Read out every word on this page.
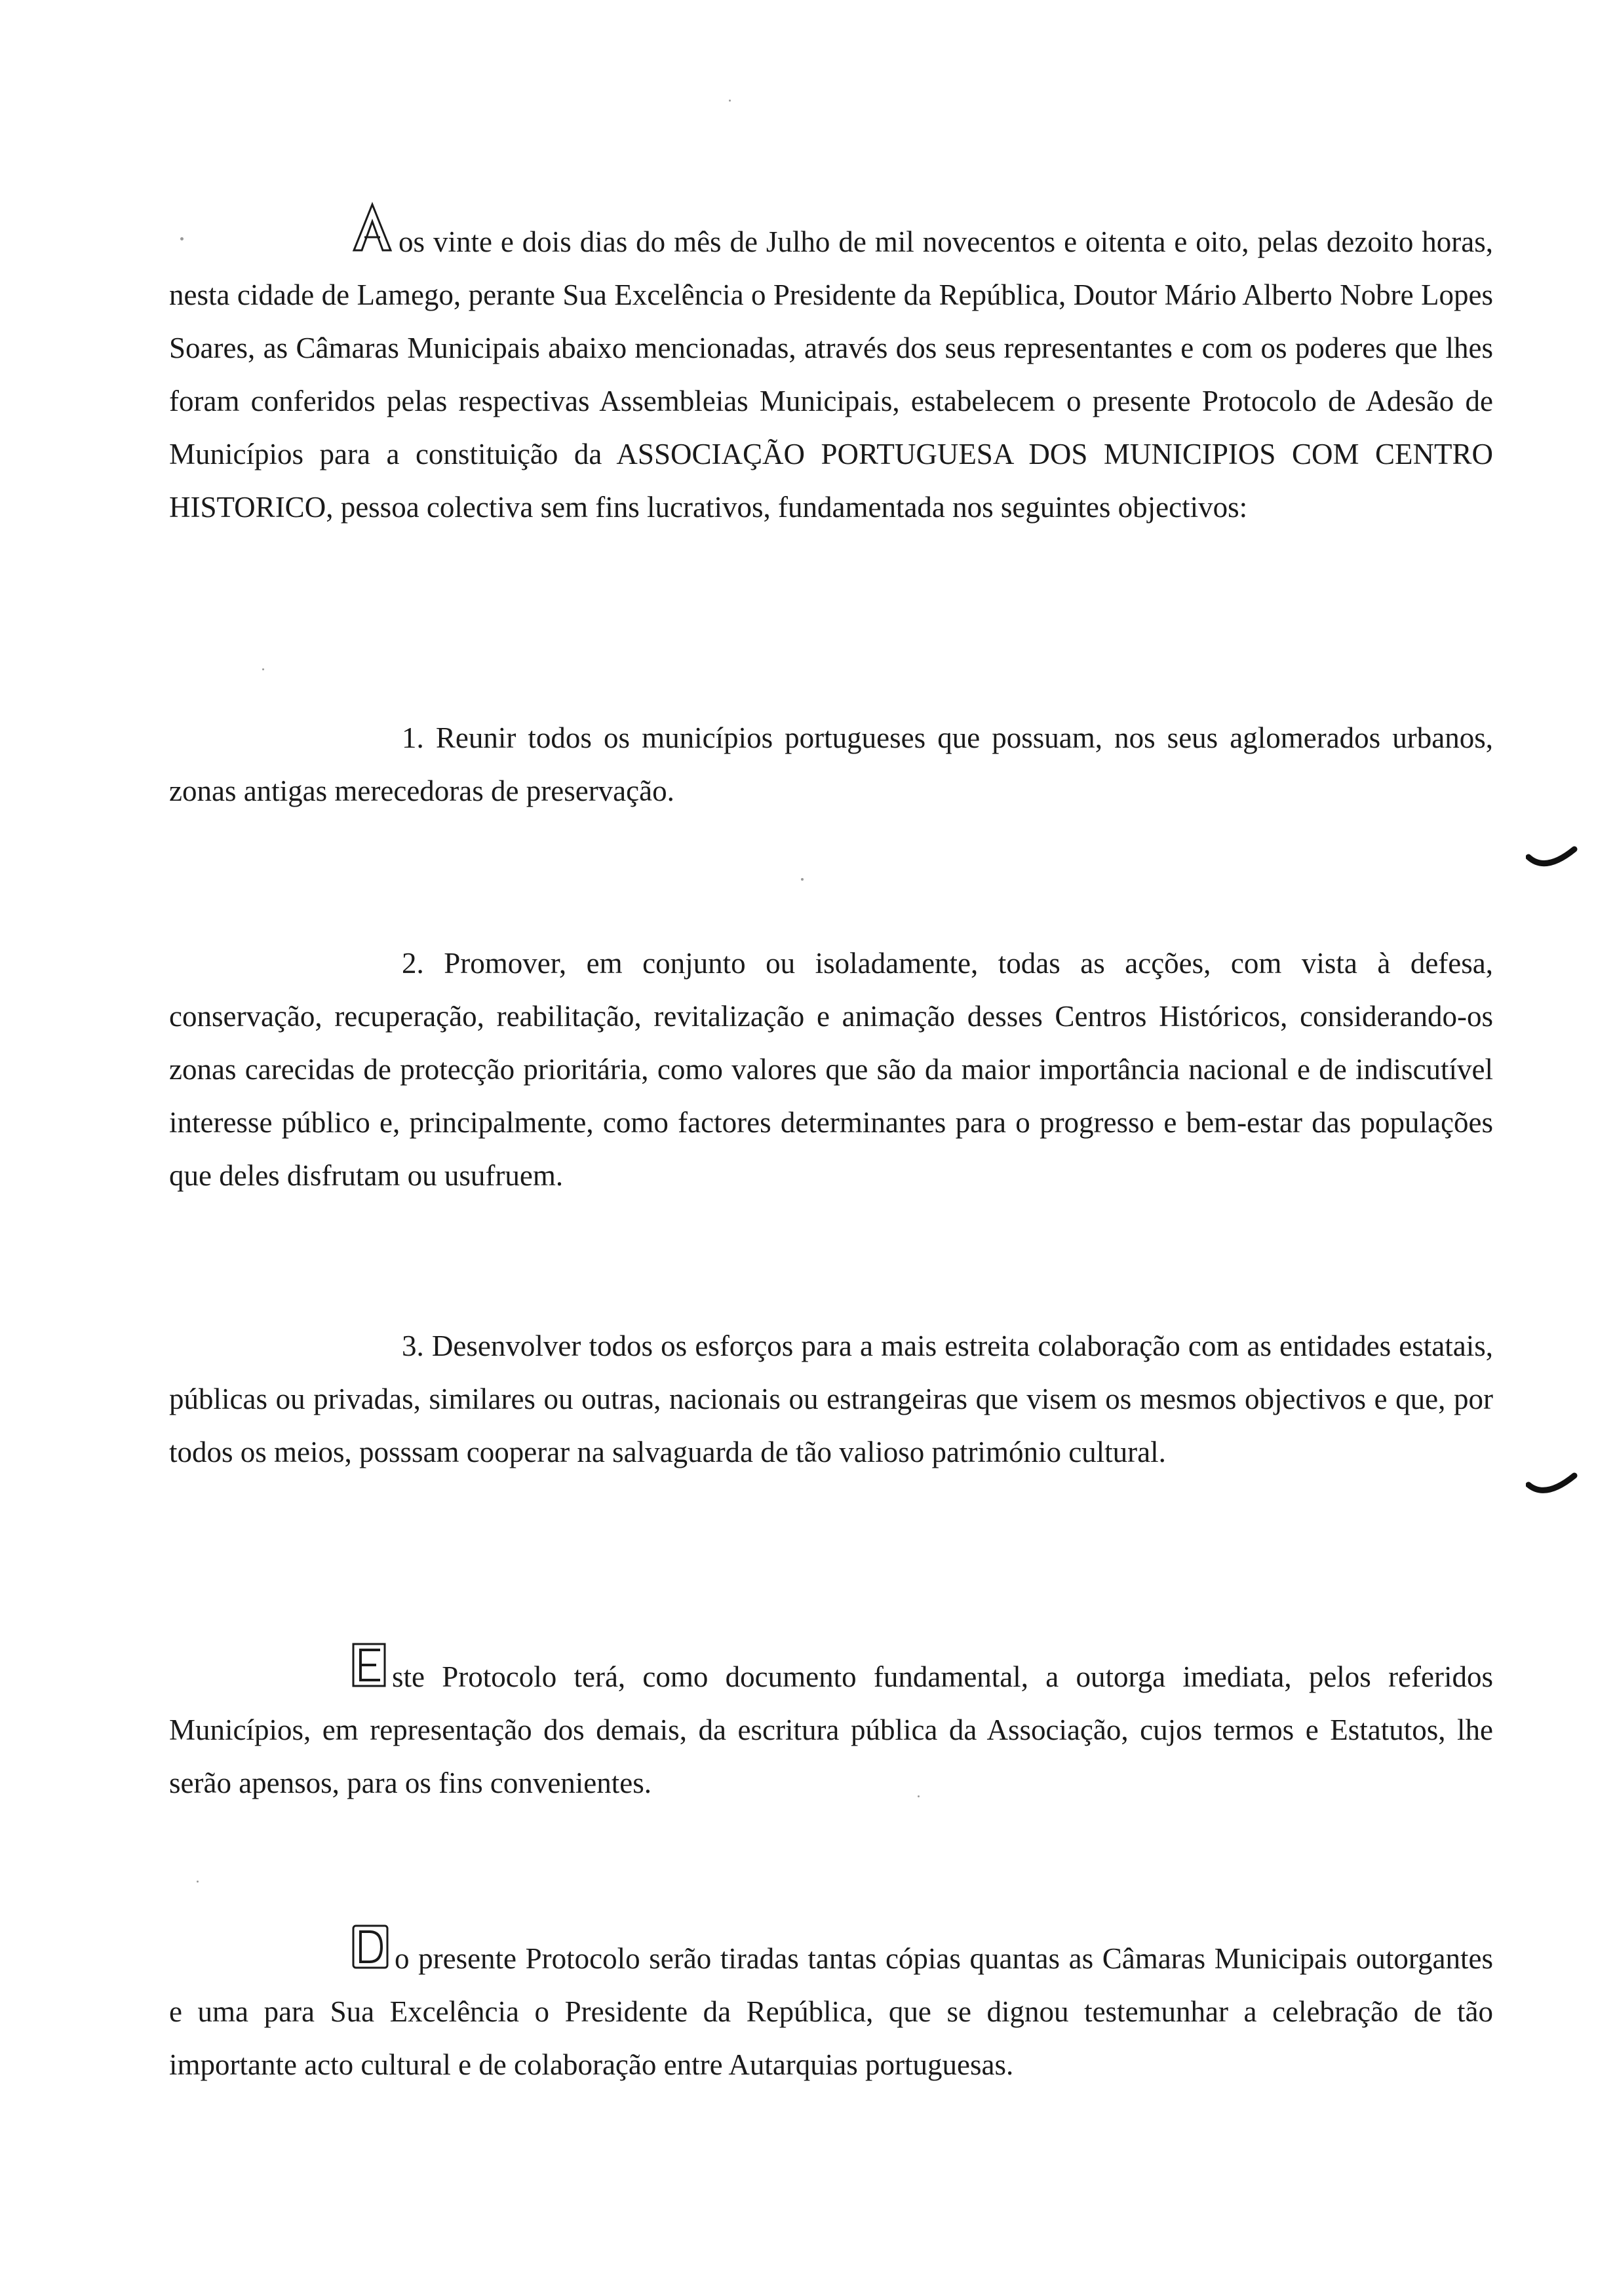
A os vinte e dois dias do mês de Julho de mil novecentos e oitenta e oito, pelas dezoito horas, nesta cidade de Lamego, perante Sua Excelência o Presidente da República, Doutor Mário Alberto Nobre Lopes Soares, as Câmaras Municipais abaixo mencionadas, através dos seus representantes e com os poderes que lhes foram conferidos pelas respectivas Assembleias Municipais, estabelecem o presente Protocolo de Adesão de Municípios para a constituição da ASSOCIAÇÃO PORTUGUESA DOS MUNICIPIOS COM CENTRO HISTORICO, pessoa colectiva sem fins lucrativos, fundamentada nos seguintes objectivos:

1. Reunir todos os municípios portugueses que possuam, nos seus aglomerados urbanos, zonas antigas merecedoras de preservação.

2. Promover, em conjunto ou isoladamente, todas as acções, com vista à defesa, conservação, recuperação, reabilitação, revitalização e animação desses Centros Históricos, considerando-os zonas carecidas de protecção prioritária, como valores que são da maior importância nacional e de indiscutível interesse público e, principalmente, como factores determinantes para o progresso e bem-estar das populações que deles disfrutam ou usufruem.

3. Desenvolver todos os esforços para a mais estreita colaboração com as entidades estatais, públicas ou privadas, similares ou outras, nacionais ou estrangeiras que visem os mesmos objectivos e que, por todos os meios, posssam cooperar na salvaguarda de tão valioso património cultural.

E ste Protocolo terá, como documento fundamental, a outorga imediata, pelos referidos Municípios, em representação dos demais, da escritura pública da Associação, cujos termos e Estatutos, lhe serão apensos, para os fins convenientes.

D o presente Protocolo serão tiradas tantas cópias quantas as Câmaras Municipais outorgantes e uma para Sua Excelência o Presidente da República, que se dignou testemunhar a celebração de tão importante acto cultural e de colaboração entre Autarquias portuguesas.
